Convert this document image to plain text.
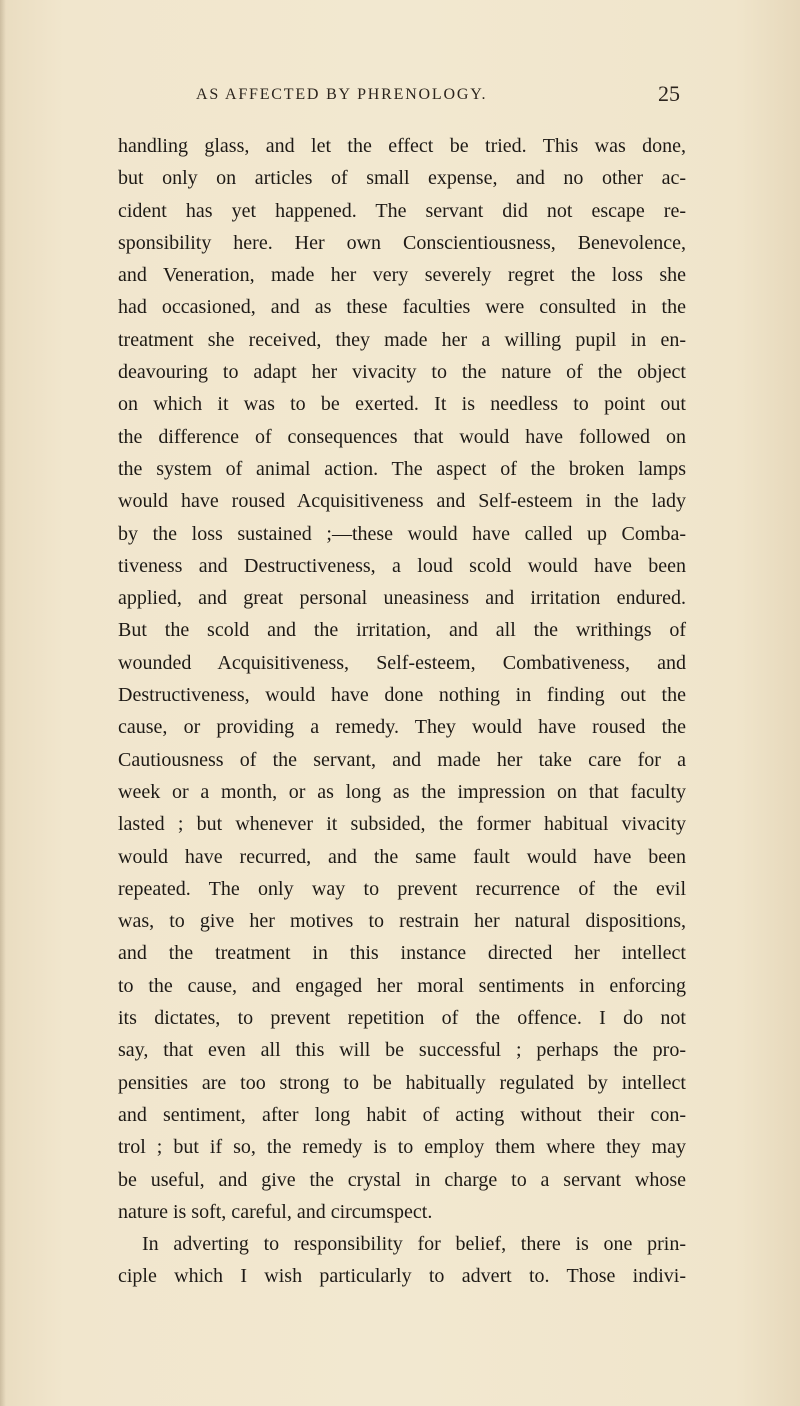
AS AFFECTED BY PHRENOLOGY.	25
handling glass, and let the effect be tried. This was done,
but only on articles of small expense, and no other ac-
cident has yet happened. The servant did not escape re-
sponsibility here. Her own Conscientiousness, Benevolence,
and Veneration, made her very severely regret the loss she
had occasioned, and as these faculties were consulted in the
treatment she received, they made her a willing pupil in en-
deavouring to adapt her vivacity to the nature of the object
on which it was to be exerted. It is needless to point out
the difference of consequences that would have followed on
the system of animal action. The aspect of the broken lamps
would have roused Acquisitiveness and Self-esteem in the lady
by the loss sustained ;—these would have called up Comba-
tiveness and Destructiveness, a loud scold would have been
applied, and great personal uneasiness and irritation endured.
But the scold and the irritation, and all the writhings of
wounded Acquisitiveness, Self-esteem, Combativeness, and
Destructiveness, would have done nothing in finding out the
cause, or providing a remedy. They would have roused the
Cautiousness of the servant, and made her take care for a
week or a month, or as long as the impression on that faculty
lasted ; but whenever it subsided, the former habitual vivacity
would have recurred, and the same fault would have been
repeated. The only way to prevent recurrence of the evil
was, to give her motives to restrain her natural dispositions,
and the treatment in this instance directed her intellect
to the cause, and engaged her moral sentiments in enforcing
its dictates, to prevent repetition of the offence. I do not
say, that even all this will be successful ; perhaps the pro-
pensities are too strong to be habitually regulated by intellect
and sentiment, after long habit of acting without their con-
trol ; but if so, the remedy is to employ them where they may
be useful, and give the crystal in charge to a servant whose
nature is soft, careful, and circumspect.
In adverting to responsibility for belief, there is one prin-
ciple which I wish particularly to advert to. Those indivi-
